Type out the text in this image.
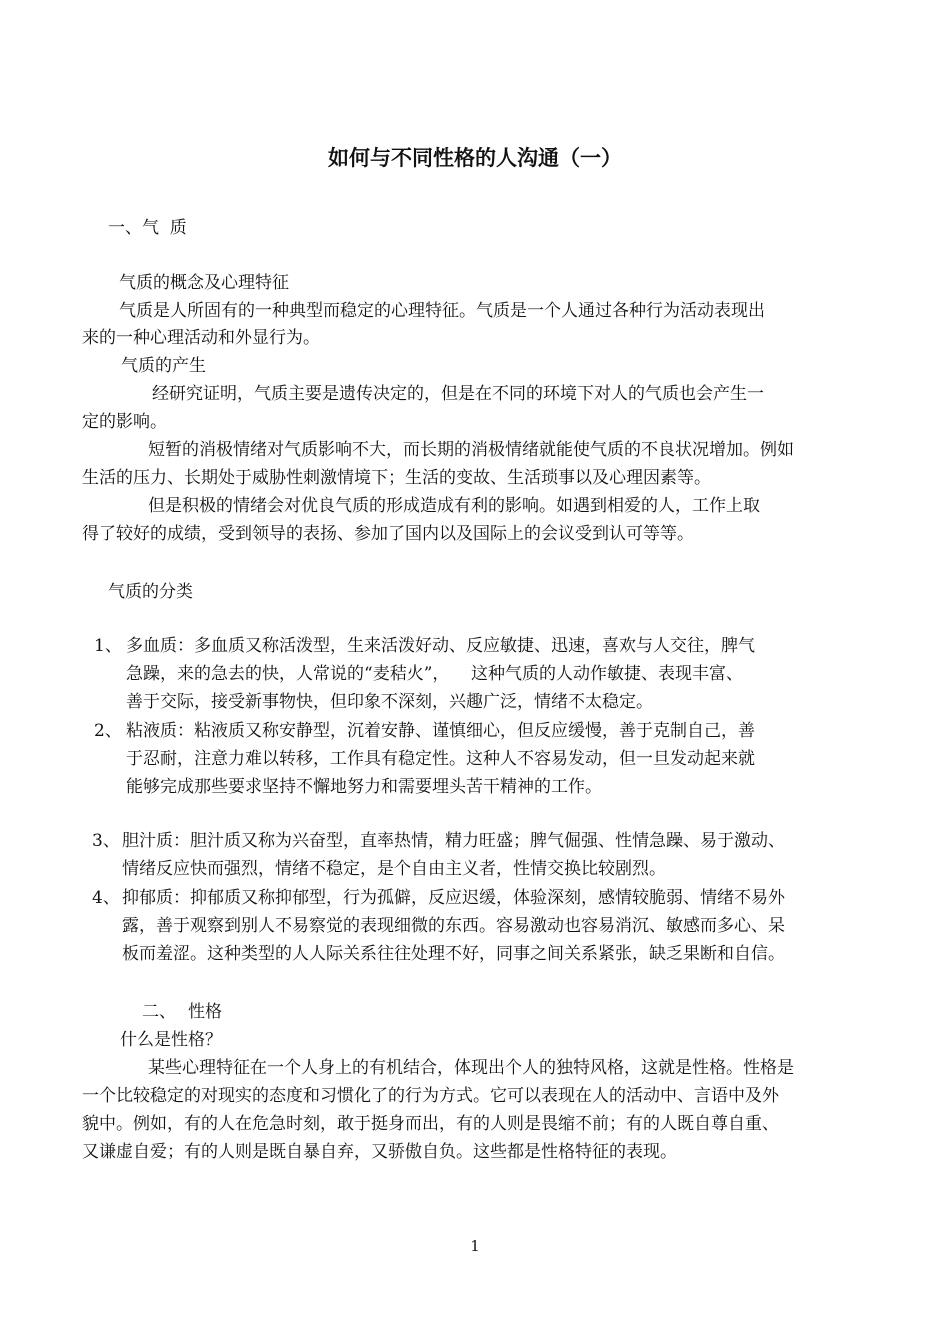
如何与不同性格的人沟通（一）

一、气  质

气质的概念及心理特征

气质是人所固有的一种典型而稳定的心理特征。气质是一个人通过各种行为活动表现出

来的一种心理活动和外显行为。

气质的产生

经研究证明，气质主要是遗传决定的，但是在不同的环境下对人的气质也会产生一

定的影响。

短暂的消极情绪对气质影响不大，而长期的消极情绪就能使气质的不良状况增加。例如

生活的压力、长期处于威胁性刺激情境下；生活的变故、生活琐事以及心理因素等。

但是积极的情绪会对优良气质的形成造成有利的影响。如遇到相爱的人，工作上取

得了较好的成绩，受到领导的表扬、参加了国内以及国际上的会议受到认可等等。

气质的分类

1、 多血质：多血质又称活泼型，生来活泼好动、反应敏捷、迅速，喜欢与人交往，脾气

急躁，来的急去的快，人常说的“麦秸火”，    这种气质的人动作敏捷、表现丰富、

善于交际，接受新事物快，但印象不深刻，兴趣广泛，情绪不太稳定。

2、 粘液质：粘液质又称安静型，沉着安静、谨慎细心，但反应缓慢，善于克制自己，善

于忍耐，注意力难以转移，工作具有稳定性。这种人不容易发动，但一旦发动起来就

能够完成那些要求坚持不懈地努力和需要埋头苦干精神的工作。

3、 胆汁质：胆汁质又称为兴奋型，直率热情，精力旺盛；脾气倔强、性情急躁、易于激动、

情绪反应快而强烈，情绪不稳定，是个自由主义者，性情交换比较剧烈。

4、 抑郁质：抑郁质又称抑郁型，行为孤僻，反应迟缓，体验深刻，感情较脆弱、情绪不易外

露，善于观察到别人不易察觉的表现细微的东西。容易激动也容易消沉、敏感而多心、呆

板而羞涩。这种类型的人人际关系往往处理不好，同事之间关系紧张，缺乏果断和自信。

二、 性格

什么是性格？

某些心理特征在一个人身上的有机结合，体现出个人的独特风格，这就是性格。性格是

一个比较稳定的对现实的态度和习惯化了的行为方式。它可以表现在人的活动中、言语中及外

貌中。例如，有的人在危急时刻，敢于挺身而出，有的人则是畏缩不前；有的人既自尊自重、

又谦虚自爱；有的人则是既自暴自弃，又骄傲自负。这些都是性格特征的表现。

1
